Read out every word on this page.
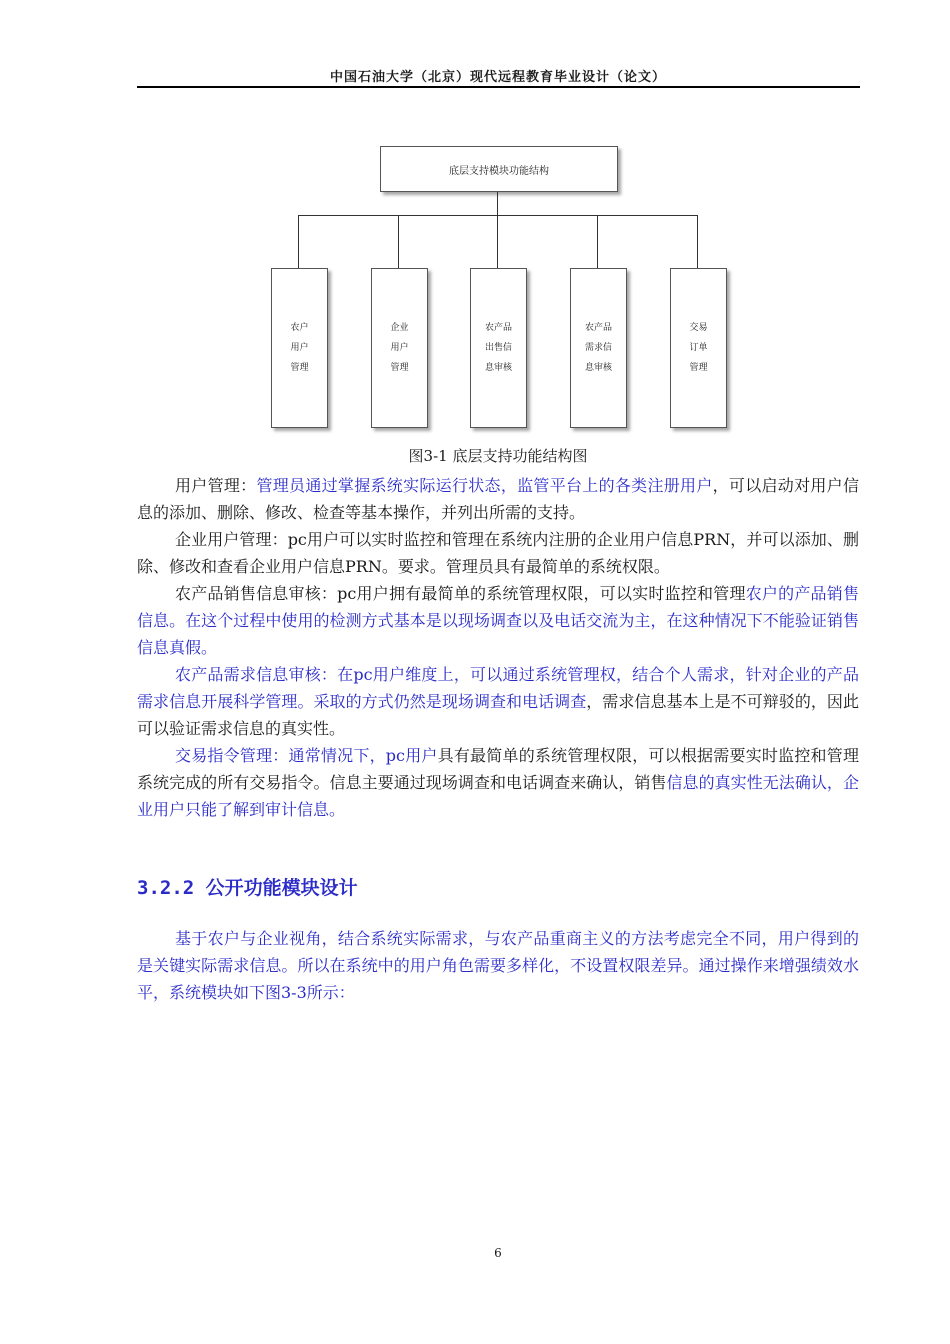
中国石油大学（北京）现代远程教育毕业设计（论文）
底层支持模块功能结构
农户
用户
管理
企业
用户
管理
农产品
出售信
息审核
农产品
需求信
息审核
交易
订单
管理
图3-1 底层支持功能结构图

用户管理：管理员通过掌握系统实际运行状态，监管平台上的各类注册用户，可以启动对用户信息的添加、删除、修改、检查等基本操作，并列出所需的支持。

企业用户管理：pc用户可以实时监控和管理在系统内注册的企业用户信息PRN，并可以添加、删除、修改和查看企业用户信息PRN。要求。管理员具有最简单的系统权限。

农产品销售信息审核：pc用户拥有最简单的系统管理权限，可以实时监控和管理农户的产品销售信息。在这个过程中使用的检测方式基本是以现场调查以及电话交流为主，在这种情况下不能验证销售信息真假。

农产品需求信息审核：在pc用户维度上，可以通过系统管理权，结合个人需求，针对企业的产品需求信息开展科学管理。采取的方式仍然是现场调查和电话调查，需求信息基本上是不可辩驳的，因此可以验证需求信息的真实性。

交易指令管理：通常情况下，pc用户具有最简单的系统管理权限，可以根据需要实时监控和管理系统完成的所有交易指令。信息主要通过现场调查和电话调查来确认，销售信息的真实性无法确认，企业用户只能了解到审计信息。

3.2.2 公开功能模块设计

基于农户与企业视角，结合系统实际需求，与农产品重商主义的方法考虑完全不同，用户得到的是关键实际需求信息。所以在系统中的用户角色需要多样化，不设置权限差异。通过操作来增强绩效水平，系统模块如下图3-3所示：

6
